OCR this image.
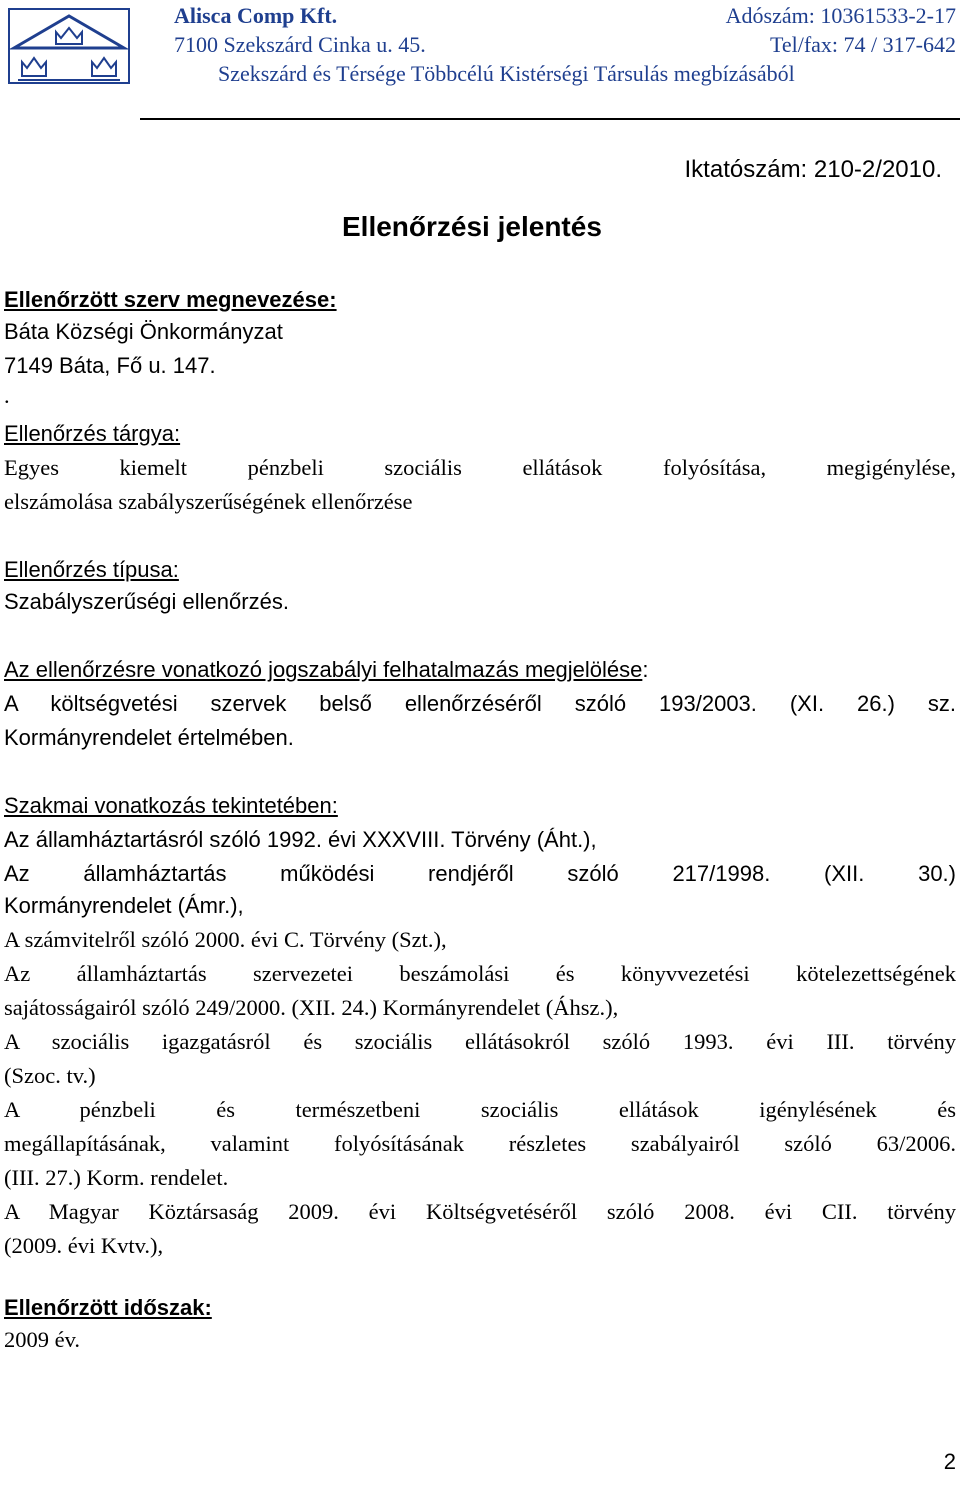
Alisca Comp Kft.	Adószám: 10361533-2-17
7100 Szekszárd Cinka u. 45.	Tel/fax: 74 / 317-642
Szekszárd és Térsége Többcélú Kistérségi Társulás megbízásából
Iktatószám: 210-2/2010.
Ellenőrzési jelentés
Ellenőrzött szerv megnevezése:
Báta Községi Önkormányzat
7149 Báta, Fő u. 147.
.
Ellenőrzés tárgya:
Egyes kiemelt pénzbeli szociális ellátások folyósítása, megigénylése,
elszámolása szabályszerűségének ellenőrzése
Ellenőrzés típusa:
Szabályszerűségi ellenőrzés.
Az ellenőrzésre vonatkozó jogszabályi felhatalmazás megjelölése:
A költségvetési szervek belső ellenőrzéséről szóló 193/2003. (XI. 26.) sz.
Kormányrendelet értelmében.
Szakmai vonatkozás tekintetében:
Az államháztartásról szóló 1992. évi XXXVIII. Törvény (Áht.),
Az államháztartás működési rendjéről szóló 217/1998. (XII. 30.)
Kormányrendelet (Ámr.),
A számvitelről szóló 2000. évi C. Törvény (Szt.),
Az államháztartás szervezetei beszámolási és könyvvezetési kötelezettségének
sajátosságairól szóló 249/2000. (XII. 24.) Kormányrendelet (Áhsz.),
A szociális igazgatásról és szociális ellátásokról szóló 1993. évi III. törvény
(Szoc. tv.)
A pénzbeli és természetbeni szociális ellátások igénylésének és
megállapításának, valamint folyósításának részletes szabályairól szóló 63/2006.
(III. 27.) Korm. rendelet.
A Magyar Köztársaság 2009. évi Költségvetéséről szóló 2008. évi CII. törvény
(2009. évi Kvtv.),
Ellenőrzött időszak:
2009 év.
2
